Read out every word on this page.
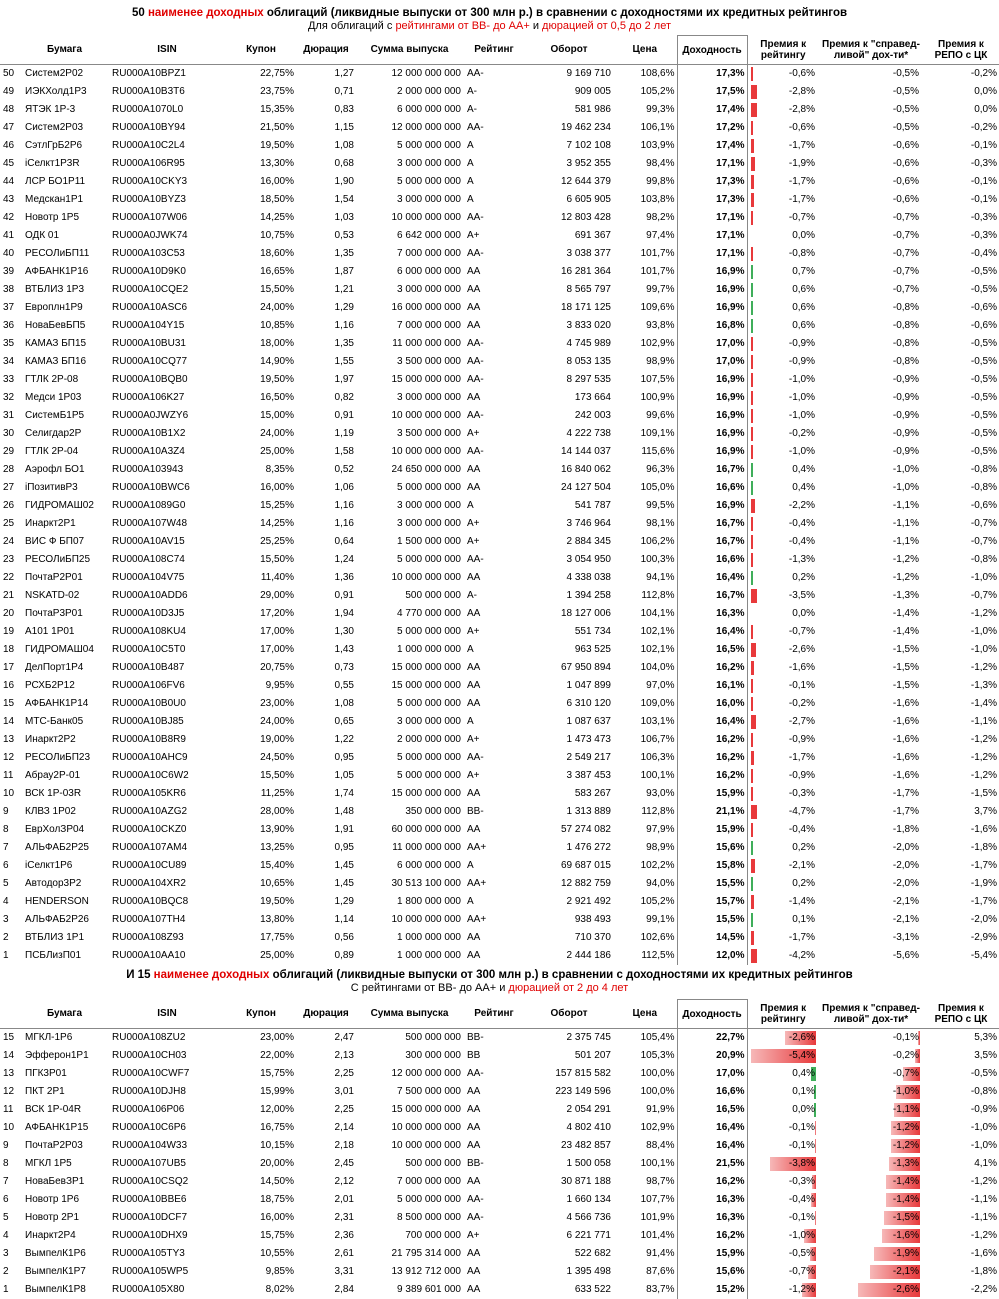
50 наименее доходных облигаций (ликвидные выпуски от 300 млн р.) в сравнении с доходностями их кредитных рейтингов
Для облигаций с рейтингами от ВВ- до АА+ и дюрацией от 0,5 до 2 лет
	Бумага	ISIN	Купон	Дюрация	Сумма выпуска	Рейтинг	Оборот	Цена	Доходность	Премия к рейтингу	Премия к "справед-ливой" дох-ти*	Премия к РЕПО с ЦК
50	Систем2Р02	RU000A10BPZ1	22,75%	1,27	12 000 000 000	AA-	9 169 710	108,6%	17,3%	-0,6%	-0,5%	-0,2%
49	ИЭКХолд1Р3	RU000A10B3T6	23,75%	0,71	2 000 000 000	A-	909 005	105,2%	17,5%	-2,8%	-0,5%	0,0%
48	ЯТЭК 1Р-3	RU000A1070L0	15,35%	0,83	6 000 000 000	A-	581 986	99,3%	17,4%	-2,8%	-0,5%	0,0%
47	Систем2Р03	RU000A10BY94	21,50%	1,15	12 000 000 000	AA-	19 462 234	106,1%	17,2%	-0,6%	-0,5%	-0,2%
46	СэтлГрБ2Р6	RU000A10C2L4	19,50%	1,08	5 000 000 000	A	7 102 108	103,9%	17,4%	-1,7%	-0,6%	-0,1%
45	iСелкт1Р3R	RU000A106R95	13,30%	0,68	3 000 000 000	A	3 952 355	98,4%	17,1%	-1,9%	-0,6%	-0,3%
44	ЛСР БО1Р11	RU000A10CKY3	16,00%	1,90	5 000 000 000	A	12 644 379	99,8%	17,3%	-1,7%	-0,6%	-0,1%
43	Медскан1Р1	RU000A10BYZ3	18,50%	1,54	3 000 000 000	A	6 605 905	103,8%	17,3%	-1,7%	-0,6%	-0,1%
42	Новотр 1Р5	RU000A107W06	14,25%	1,03	10 000 000 000	AA-	12 803 428	98,2%	17,1%	-0,7%	-0,7%	-0,3%
41	ОДК 01	RU000A0JWK74	10,75%	0,53	6 642 000 000	A+	691 367	97,4%	17,1%	0,0%	-0,7%	-0,3%
40	РЕСОЛиБП11	RU000A103C53	18,60%	1,35	7 000 000 000	AA-	3 038 377	101,7%	17,1%	-0,8%	-0,7%	-0,4%
39	АФБАНК1Р16	RU000A10D9K0	16,65%	1,87	6 000 000 000	AA	16 281 364	101,7%	16,9%	0,7%	-0,7%	-0,5%
38	ВТБЛИЗ 1Р3	RU000A10CQE2	15,50%	1,21	3 000 000 000	AA	8 565 797	99,7%	16,9%	0,6%	-0,7%	-0,5%
37	Европлн1Р9	RU000A10ASC6	24,00%	1,29	16 000 000 000	AA	18 171 125	109,6%	16,9%	0,6%	-0,8%	-0,6%
36	НоваБевБП5	RU000A104Y15	10,85%	1,16	7 000 000 000	AA	3 833 020	93,8%	16,8%	0,6%	-0,8%	-0,6%
35	КАМАЗ БП15	RU000A10BU31	18,00%	1,35	11 000 000 000	AA-	4 745 989	102,9%	17,0%	-0,9%	-0,8%	-0,5%
34	КАМАЗ БП16	RU000A10CQ77	14,90%	1,55	3 500 000 000	AA-	8 053 135	98,9%	17,0%	-0,9%	-0,8%	-0,5%
33	ГТЛК 2Р-08	RU000A10BQB0	19,50%	1,97	15 000 000 000	AA-	8 297 535	107,5%	16,9%	-1,0%	-0,9%	-0,5%
32	Медси 1Р03	RU000A106K27	16,50%	0,82	3 000 000 000	AA	173 664	100,9%	16,9%	-1,0%	-0,9%	-0,5%
31	СистемБ1Р5	RU000A0JWZY6	15,00%	0,91	10 000 000 000	AA-	242 003	99,6%	16,9%	-1,0%	-0,9%	-0,5%
30	Селигдар2Р	RU000A10B1X2	24,00%	1,19	3 500 000 000	A+	4 222 738	109,1%	16,9%	-0,2%	-0,9%	-0,5%
29	ГТЛК 2Р-04	RU000A10A3Z4	25,00%	1,58	10 000 000 000	AA-	14 144 037	115,6%	16,9%	-1,0%	-0,9%	-0,5%
28	Аэрофл БО1	RU000A103943	8,35%	0,52	24 650 000 000	AA	16 840 062	96,3%	16,7%	0,4%	-1,0%	-0,8%
27	iПозитивР3	RU000A10BWC6	16,00%	1,06	5 000 000 000	AA	24 127 504	105,0%	16,6%	0,4%	-1,0%	-0,8%
26	ГИДРОМАШ02	RU000A1089G0	15,25%	1,16	3 000 000 000	A	541 787	99,5%	16,9%	-2,2%	-1,1%	-0,6%
25	Инаркт2Р1	RU000A107W48	14,25%	1,16	3 000 000 000	A+	3 746 964	98,1%	16,7%	-0,4%	-1,1%	-0,7%
24	ВИС Ф БП07	RU000A10AV15	25,25%	0,64	1 500 000 000	A+	2 884 345	106,2%	16,7%	-0,4%	-1,1%	-0,7%
23	РЕСОЛиБП25	RU000A108C74	15,50%	1,24	5 000 000 000	AA-	3 054 950	100,3%	16,6%	-1,3%	-1,2%	-0,8%
22	ПочтаР2Р01	RU000A104V75	11,40%	1,36	10 000 000 000	AA	4 338 038	94,1%	16,4%	0,2%	-1,2%	-1,0%
21	NSKATD-02	RU000A10ADD6	29,00%	0,91	500 000 000	A-	1 394 258	112,8%	16,7%	-3,5%	-1,3%	-0,7%
20	ПочтаР3Р01	RU000A10D3J5	17,20%	1,94	4 770 000 000	AA	18 127 006	104,1%	16,3%	0,0%	-1,4%	-1,2%
19	А101 1Р01	RU000A108KU4	17,00%	1,30	5 000 000 000	A+	551 734	102,1%	16,4%	-0,7%	-1,4%	-1,0%
18	ГИДРОМАШ04	RU000A10C5T0	17,00%	1,43	1 000 000 000	A	963 525	102,1%	16,5%	-2,6%	-1,5%	-1,0%
17	ДелПорт1Р4	RU000A10B487	20,75%	0,73	15 000 000 000	AA	67 950 894	104,0%	16,2%	-1,6%	-1,5%	-1,2%
16	РСХБ2Р12	RU000A106FV6	9,95%	0,55	15 000 000 000	AA	1 047 899	97,0%	16,1%	-0,1%	-1,5%	-1,3%
15	АФБАНК1Р14	RU000A10B0U0	23,00%	1,08	5 000 000 000	AA	6 310 120	109,0%	16,0%	-0,2%	-1,6%	-1,4%
14	МТС-Банк05	RU000A10BJ85	24,00%	0,65	3 000 000 000	A	1 087 637	103,1%	16,4%	-2,7%	-1,6%	-1,1%
13	Инаркт2Р2	RU000A10B8R9	19,00%	1,22	2 000 000 000	A+	1 473 473	106,7%	16,2%	-0,9%	-1,6%	-1,2%
12	РЕСОЛиБП23	RU000A10AHC9	24,50%	0,95	5 000 000 000	AA-	2 549 217	106,3%	16,2%	-1,7%	-1,6%	-1,2%
11	Абрау2Р-01	RU000A10C6W2	15,50%	1,05	5 000 000 000	A+	3 387 453	100,1%	16,2%	-0,9%	-1,6%	-1,2%
10	ВСК 1Р-03R	RU000A105KR6	11,25%	1,74	15 000 000 000	AA	583 267	93,0%	15,9%	-0,3%	-1,7%	-1,5%
9	КЛВЗ 1Р02	RU000A10AZG2	28,00%	1,48	350 000 000	BB-	1 313 889	112,8%	21,1%	-4,7%	-1,7%	3,7%
8	ЕврХолЗР04	RU000A10CKZ0	13,90%	1,91	60 000 000 000	AA	57 274 082	97,9%	15,9%	-0,4%	-1,8%	-1,6%
7	АЛЬФАБ2Р25	RU000A107AM4	13,25%	0,95	11 000 000 000	AA+	1 476 272	98,9%	15,6%	0,2%	-2,0%	-1,8%
6	iСелкт1Р6	RU000A10CU89	15,40%	1,45	6 000 000 000	A	69 687 015	102,2%	15,8%	-2,1%	-2,0%	-1,7%
5	Автодор3Р2	RU000A104XR2	10,65%	1,45	30 513 100 000	AA+	12 882 759	94,0%	15,5%	0,2%	-2,0%	-1,9%
4	HENDERSON	RU000A10BQC8	19,50%	1,29	1 800 000 000	A	2 921 492	105,2%	15,7%	-1,4%	-2,1%	-1,7%
3	АЛЬФАБ2Р26	RU000A107TH4	13,80%	1,14	10 000 000 000	AA+	938 493	99,1%	15,5%	0,1%	-2,1%	-2,0%
2	ВТБЛИЗ 1Р1	RU000A108Z93	17,75%	0,56	1 000 000 000	AA	710 370	102,6%	14,5%	-1,7%	-3,1%	-2,9%
1	ПСБЛизП01	RU000A10AA10	25,00%	0,89	1 000 000 000	AA	2 444 186	112,5%	12,0%	-4,2%	-5,6%	-5,4%
И 15 наименее доходных облигаций (ликвидные выпуски от 300 млн р.) в сравнении с доходностями их кредитных рейтингов
С рейтингами от ВВ- до АА+ и дюрацией от 2 до 4 лет
	Бумага	ISIN	Купон	Дюрация	Сумма выпуска	Рейтинг	Оборот	Цена	Доходность	Премия к рейтингу	Премия к "справед-ливой" дох-ти*	Премия к РЕПО с ЦК
15	МГКЛ-1Р6	RU000A108ZU2	23,00%	2,47	500 000 000	BB-	2 375 745	105,4%	22,7%	-2,6%	-0,1%	5,3%
14	Эфферон1Р1	RU000A10CH03	22,00%	2,13	300 000 000	BB	501 207	105,3%	20,9%	-5,4%	-0,2%	3,5%
13	ПГК3Р01	RU000A10CWF7	15,75%	2,25	12 000 000 000	AA-	157 815 582	100,0%	17,0%	0,4%	-0,7%	-0,5%
12	ПКТ 2Р1	RU000A10DJH8	15,99%	3,01	7 500 000 000	AA	223 149 596	100,0%	16,6%	0,1%	-1,0%	-0,8%
11	ВСК 1Р-04R	RU000A106P06	12,00%	2,25	15 000 000 000	AA	2 054 291	91,9%	16,5%	0,0%	-1,1%	-0,9%
10	АФБАНК1Р15	RU000A10C6P6	16,75%	2,14	10 000 000 000	AA	4 802 410	102,9%	16,4%	-0,1%	-1,2%	-1,0%
9	ПочтаР2Р03	RU000A104W33	10,15%	2,18	10 000 000 000	AA	23 482 857	88,4%	16,4%	-0,1%	-1,2%	-1,0%
8	МГКЛ 1Р5	RU000A107UB5	20,00%	2,45	500 000 000	BB-	1 500 058	100,1%	21,5%	-3,8%	-1,3%	4,1%
7	НоваБевЗР1	RU000A10CSQ2	14,50%	2,12	7 000 000 000	AA	30 871 188	98,7%	16,2%	-0,3%	-1,4%	-1,2%
6	Новотр 1Р6	RU000A10BBE6	18,75%	2,01	5 000 000 000	AA-	1 660 134	107,7%	16,3%	-0,4%	-1,4%	-1,1%
5	Новотр 2Р1	RU000A10DCF7	16,00%	2,31	8 500 000 000	AA-	4 566 736	101,9%	16,3%	-0,1%	-1,5%	-1,1%
4	Инаркт2Р4	RU000A10DHX9	15,75%	2,36	700 000 000	A+	6 221 771	101,4%	16,2%	-1,0%	-1,6%	-1,2%
3	ВымпелК1Р6	RU000A105TY3	10,55%	2,61	21 795 314 000	AA	522 682	91,4%	15,9%	-0,5%	-1,9%	-1,6%
2	ВымпелК1Р7	RU000A105WP5	9,85%	3,31	13 912 712 000	AA	1 395 498	87,6%	15,6%	-0,7%	-2,1%	-1,8%
1	ВымпелК1Р8	RU000A105X80	8,02%	2,84	9 389 601 000	AA	633 522	83,7%	15,2%	-1,2%	-2,6%	-2,2%
